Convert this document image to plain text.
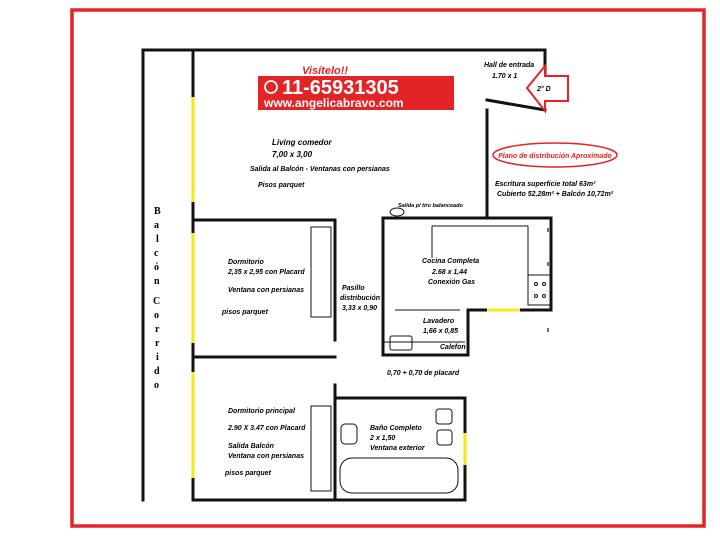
Visítelo!!
11-65931305
www.angelicabravo.com
Plano de distribución Aproximado
Escritura superficie total 63m²
Cubierto 52,28m² + Balcón 10,72m²
Hall de entrada
1.70 x 1
2° D
Living comedor
7,00 x 3,00
Salida al Balcón - Ventanas con persianas
Pisos parquet
Salida p/ tiro balanceado
B
a
l
c
ó
n
C
o
r
r
i
d
o
Dormitorio
2,35 x 2,95 con Placard
Ventana con persianas
pisos parquet
Pasillo
distribución
3,33 x 0,90
Cocina Completa
2.68 x 1,44
Conexión Gas
Lavadero
1,66 x 0,85
Calefon
0,70 + 0,70 de placard
Dormitorio principal
2.90 X 3.47 con Placard
Salida Balcón
Ventana con persianas
pisos parquet
Baño Completo
2 x 1,50
Ventana exterior
